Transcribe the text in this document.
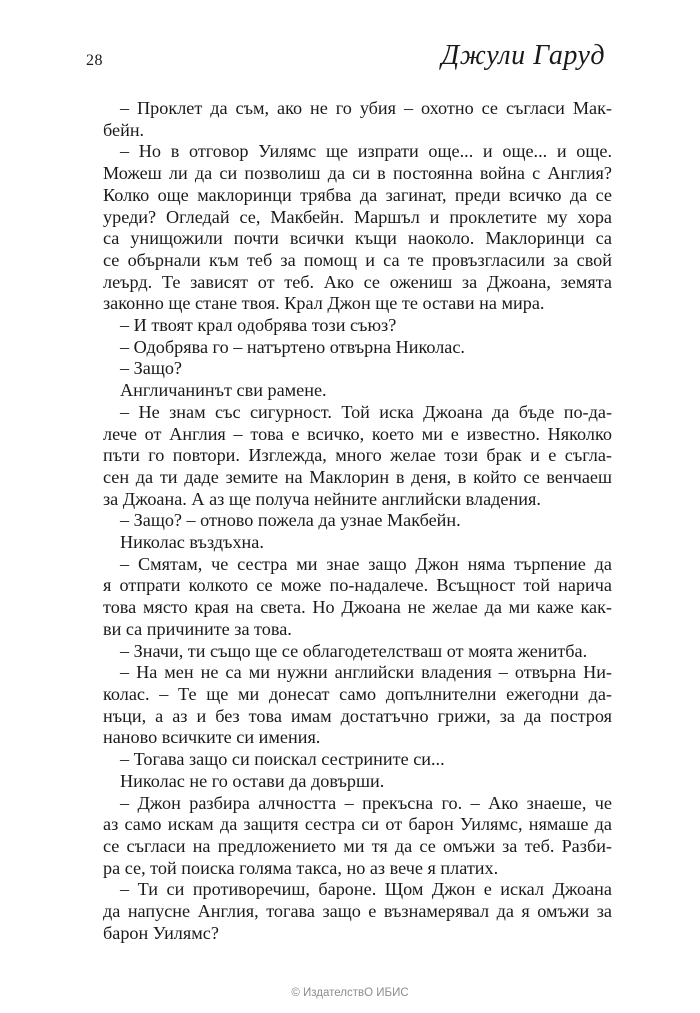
28	Джули Гаруд
– Проклет да съм, ако не го убия – охотно се съгласи Мак-
бейн.
– Но в отговор Уилямс ще изпрати още... и още... и още.
Можеш ли да си позволиш да си в постоянна война с Англия?
Колко още маклоринци трябва да загинат, преди всичко да се
уреди? Огледай се, Макбейн. Маршъл и проклетите му хора
са унищожили почти всички къщи наоколо. Маклоринци са
се обърнали към теб за помощ и са те провъзгласили за свой
леърд. Те зависят от теб. Ако се ожениш за Джоана, земята
законно ще стане твоя. Крал Джон ще те остави на мира.
– И твоят крал одобрява този съюз?
– Одобрява го – натъртено отвърна Николас.
– Защо?
Англичанинът сви рамене.
– Не знам със сигурност. Той иска Джоана да бъде по-да-
лече от Англия – това е всичко, което ми е известно. Няколко
пъти го повтори. Изглежда, много желае този брак и е съгла-
сен да ти даде земите на Маклорин в деня, в който се венчаеш
за Джоана. А аз ще получа нейните английски владения.
– Защо? – отново пожела да узнае Макбейн.
Николас въздъхна.
– Смятам, че сестра ми знае защо Джон няма търпение да
я отпрати колкото се може по-надалече. Всъщност той нарича
това място края на света. Но Джоана не желае да ми каже как-
ви са причините за това.
– Значи, ти също ще се облагодетелстваш от моята женитба.
– На мен не са ми нужни английски владения – отвърна Ни-
колас. – Те ще ми донесат само допълнителни ежегодни да-
нъци, а аз и без това имам достатъчно грижи, за да построя
наново всичките си имения.
– Тогава защо си поискал сестрините си...
Николас не го остави да довърши.
– Джон разбира алчността – прекъсна го. – Ако знаеше, че
аз само искам да защитя сестра си от барон Уилямс, нямаше да
се съгласи на предложението ми тя да се омъжи за теб. Разби-
ра се, той поиска голяма такса, но аз вече я платих.
– Ти си противоречиш, бароне. Щом Джон е искал Джоана
да напусне Англия, тогава защо е възнамерявал да я омъжи за
барон Уилямс?
© ИздателствО ИБИС
